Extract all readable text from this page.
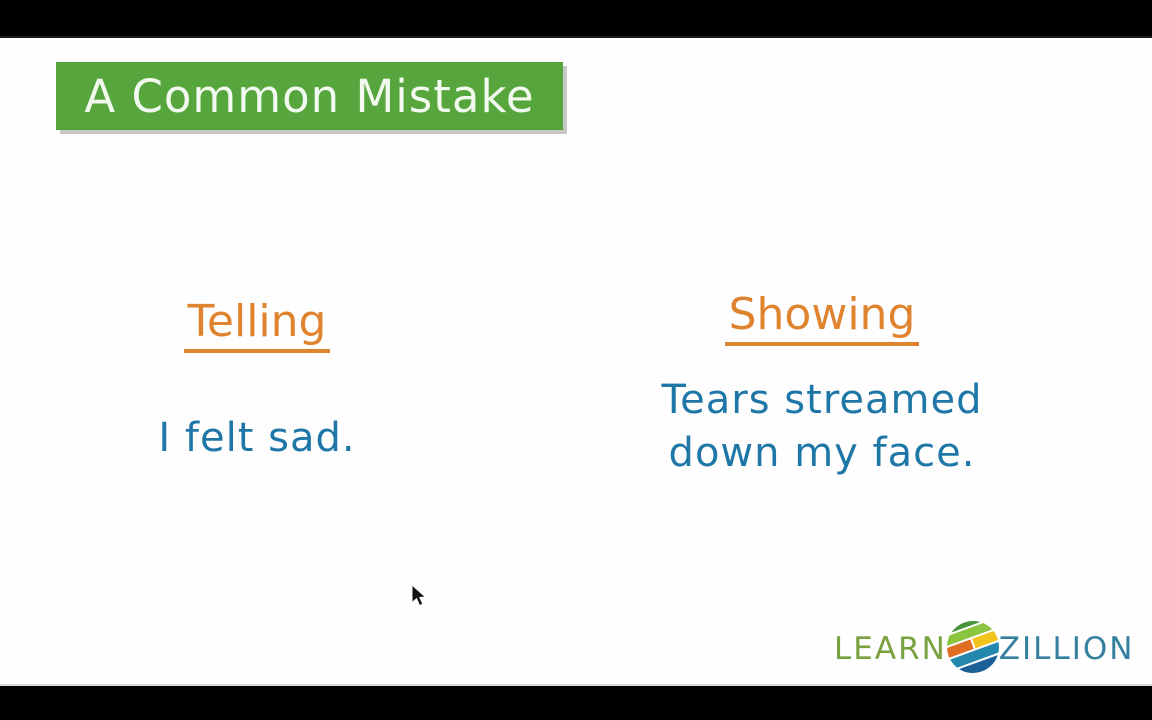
A Common Mistake
Telling
I felt sad.
Showing
Tears streamed
down my face.
LEARN ZILLION
